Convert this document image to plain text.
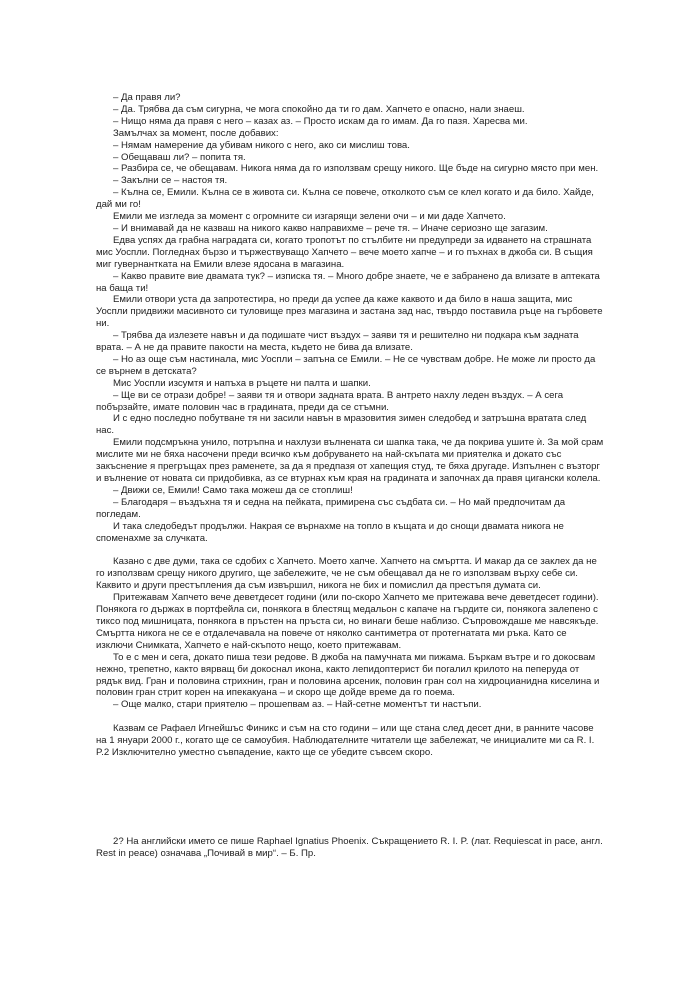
– Да правя ли?

– Да. Трябва да съм сигурна, че мога спокойно да ти го дам. Хапчето е опасно, нали знаеш.

– Нищо няма да правя с него – казах аз. – Просто искам да го имам. Да го пазя. Харесва ми.

Замълчах за момент, после добавих:

– Нямам намерение да убивам никого с него, ако си мислиш това.

– Обещаваш ли? – попита тя.

– Разбира се, че обещавам. Никога няма да го използвам срещу никого. Ще бъде на сигурно място при мен.

– Закълни се – настоя тя.

– Кълна се, Емили. Кълна се в живота си. Кълна се повече, отколкото съм се клел когато и да било. Хайде, дай ми го!

Емили ме изгледа за момент с огромните си изгарящи зелени очи – и ми даде Хапчето.

– И внимавай да не казваш на никого какво направихме – рече тя. – Иначе сериозно ще загазим.

Едва успях да грабна наградата си, когато тропотът по стълбите ни предупреди за идването на страшната мис Уоспли. Погледнах бързо и тържествуващо Хапчето – вече моето хапче – и го пъхнах в джоба си. В същия миг гувернантката на Емили влезе ядосана в магазина.

– Какво правите вие двамата тук? – изписка тя. – Много добре знаете, че е забранено да влизате в аптеката на баща ти!

Емили отвори уста да запротестира, но преди да успее да каже каквото и да било в наша защита, мис Уоспли придвижи масивното си туловище през магазина и застана зад нас, твърдо поставила ръце на гърбовете ни.

– Трябва да излезете навън и да подишате чист въздух – заяви тя и решително ни подкара към задната врата. – А не да правите пакости на места, където не бива да влизате.

– Но аз още съм настинала, мис Уоспли – запъна се Емили. – Не се чувствам добре. Не може ли просто да се върнем в детската?

Мис Уоспли изсумтя и напъха в ръцете ни палта и шапки.

– Ще ви се отрази добре! – заяви тя и отвори задната врата. В антрето нахлу леден въздух. – А сега побързайте, имате половин час в градината, преди да се стъмни.

И с едно последно побутване тя ни засили навън в мразовития зимен следобед и затръшна вратата след нас.

Емили подсмръкна унило, потръпна и нахлузи вълнената си шапка така, че да покрива ушите ѝ. За мой срам мислите ми не бяха насочени преди всичко към добруването на най-скъпата ми приятелка и докато със закъснение я прегръщах през раменете, за да я предпазя от хапещия студ, те бяха другаде. Изпълнен с възторг и вълнение от новата си придобивка, аз се втурнах към края на градината и започнах да правя цигански колела.

– Движи се, Емили! Само така можеш да се стоплиш!

– Благодаря – въздъхна тя и седна на пейката, примирена със съдбата си. – Но май предпочитам да погледам.

И така следобедът продължи. Накрая се върнахме на топло в къщата и до снощи двамата никога не споменахме за случката.

Казано с две думи, така се сдобих с Хапчето. Моето хапче. Хапчето на смъртта. И макар да се заклех да не го използвам срещу никого другиго, ще забележите, че не съм обещавал да не го използвам върху себе си. Каквито и други престъпления да съм извършил, никога не бих и помислил да престъпя думата си.

Притежавам Хапчето вече деветдесет години (или по-скоро Хапчето ме притежава вече деветдесет години). Понякога го държах в портфейла си, понякога в блестящ медальон с капаче на гърдите си, понякога залепено с тиксо под мишницата, понякога в пръстен на пръста си, но винаги беше наблизо. Съпровождаше ме навсякъде. Смъртта никога не се е отдалечавала на повече от няколко сантиметра от протегнатата ми ръка. Като се изключи Снимката, Хапчето е най-скъпото нещо, което притежавам.

То е с мен и сега, докато пиша тези редове. В джоба на памучната ми пижама. Бъркам вътре и го докосвам нежно, трепетно, както вярващ би докоснал икона, както лепидоптерист би погалил крилото на пеперуда от рядък вид. Гран и половина стрихнин, гран и половина арсеник, половин гран сол на хидроцианидна киселина и половин гран стрит корен на ипекакуана – и скоро ще дойде време да го поема.

– Още малко, стари приятелю – прошепвам аз. – Най-сетне моментът ти настъпи.

Казвам се Рафаел Игнейшъс Финикс и съм на сто години – или ще стана след десет дни, в ранните часове на 1 януари 2000 г., когато ще се самоубия. Наблюдателните читатели ще забележат, че инициалите ми са R. I. P.2 Изключително уместно съвпадение, както ще се убедите съвсем скоро.

2? На английски името се пише Raphael Ignatius Phoenix. Съкращението R. I. P. (лат. Requiescat in pace, англ. Rest in peace) означава „Почивай в мир“. – Б. Пр.
